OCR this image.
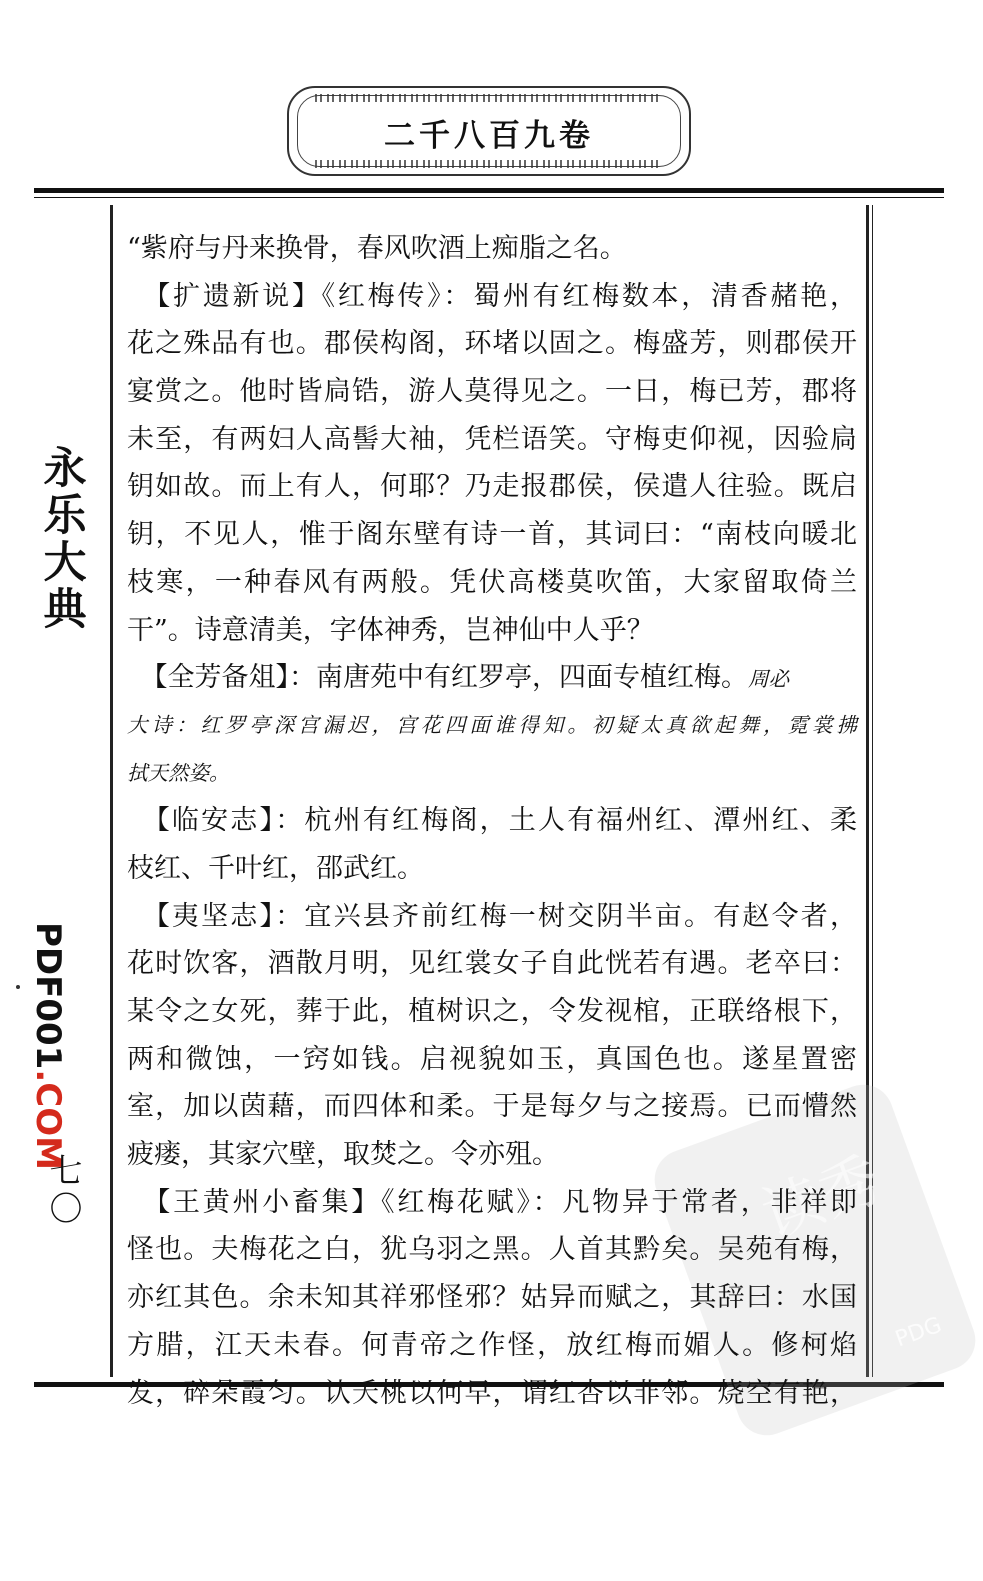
二千八百九卷
永
乐
大
典
PDF001.COM
七
〇	读秀
PDG
“紫府与丹来换骨，春风吹酒上痴脂之名。
　【扩遗新说】《红梅传》：蜀州有红梅数本，清香赭艳，
花之殊品有也。郡侯构阁，环堵以固之。梅盛芳，则郡侯开
宴赏之。他时皆扃锆，游人莫得见之。一日，梅已芳，郡将
未至，有两妇人高髻大袖，凭栏语笑。守梅吏仰视，因验扃
钥如故。而上有人，何耶？乃走报郡侯，侯遣人往验。既启
钥，不见人，惟于阁东壁有诗一首，其词曰：“南枝向暖北
枝寒，一种春风有两般。凭伏高楼莫吹笛，大家留取倚兰
干”。诗意清美，字体神秀，岂神仙中人乎？
　【全芳备俎】：南唐苑中有红罗亭，四面专植红梅。周必
大诗：红罗亭深宫漏迟，宫花四面谁得知。初疑太真欲起舞，霓裳拂
拭天然姿。
　【临安志】：杭州有红梅阁，土人有福州红、潭州红、柔
枝红、千叶红，邵武红。
　【夷坚志】：宜兴县齐前红梅一树交阴半亩。有赵令者，
花时饮客，酒散月明，见红裳女子自此恍若有遇。老卒曰：
某令之女死，葬于此，植树识之，令发视棺，正联络根下，
两和微蚀，一窍如钱。启视貌如玉，真国色也。遂星置密
室，加以茵藉，而四体和柔。于是每夕与之接焉。已而懵然
疲瘘，其家穴壁，取焚之。令亦殂。
　【王黄州小畜集】《红梅花赋》：凡物异于常者，非祥即
怪也。夫梅花之白，犹乌羽之黑。人首其黔矣。吴苑有梅，
亦红其色。余未知其祥邪怪邪？姑异而赋之，其辞曰：水国
方腊，江天未春。何青帝之作怪，放红梅而媚人。修柯焰
发，碎朵霞匀。认夭桃以何早，谓红杏以非邻。烧空有艳，
